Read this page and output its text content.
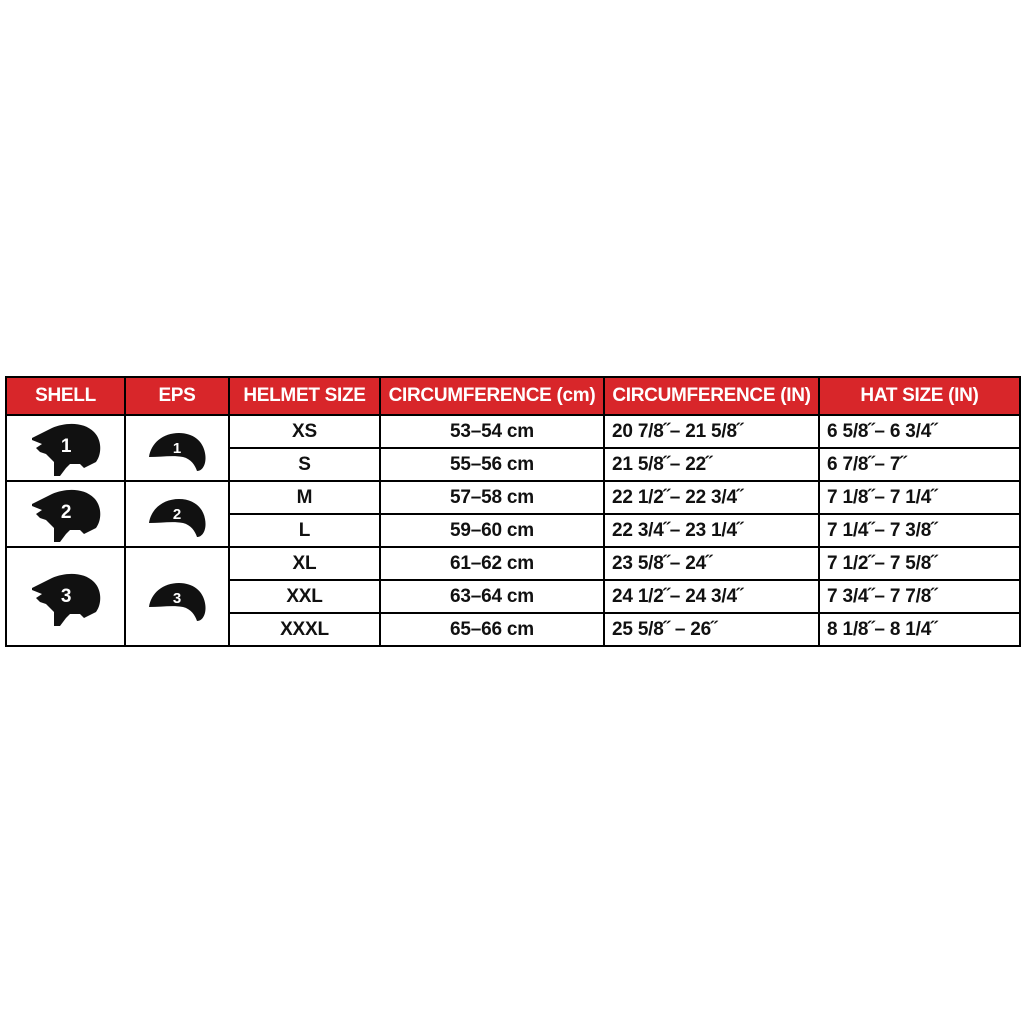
SHELL	EPS	HELMET SIZE	CIRCUMFERENCE (cm)	CIRCUMFERENCE (IN)	HAT SIZE (IN)

1	1	XS	53–54 cm	20 7/8˝– 21 5/8˝	6 5/8˝– 6 3/4˝
		S	55–56 cm	21 5/8˝– 22˝	6 7/8˝– 7˝

2	2	M	57–58 cm	22 1/2˝– 22 3/4˝	7 1/8˝– 7 1/4˝
		L	59–60 cm	22 3/4˝– 23 1/4˝	7 1/4˝– 7 3/8˝

3	3	XL	61–62 cm	23 5/8˝– 24˝	7 1/2˝– 7 5/8˝
		XXL	63–64 cm	24 1/2˝– 24 3/4˝	7 3/4˝– 7 7/8˝
		XXXL	65–66 cm	25 5/8˝ – 26˝	8 1/8˝– 8 1/4˝
